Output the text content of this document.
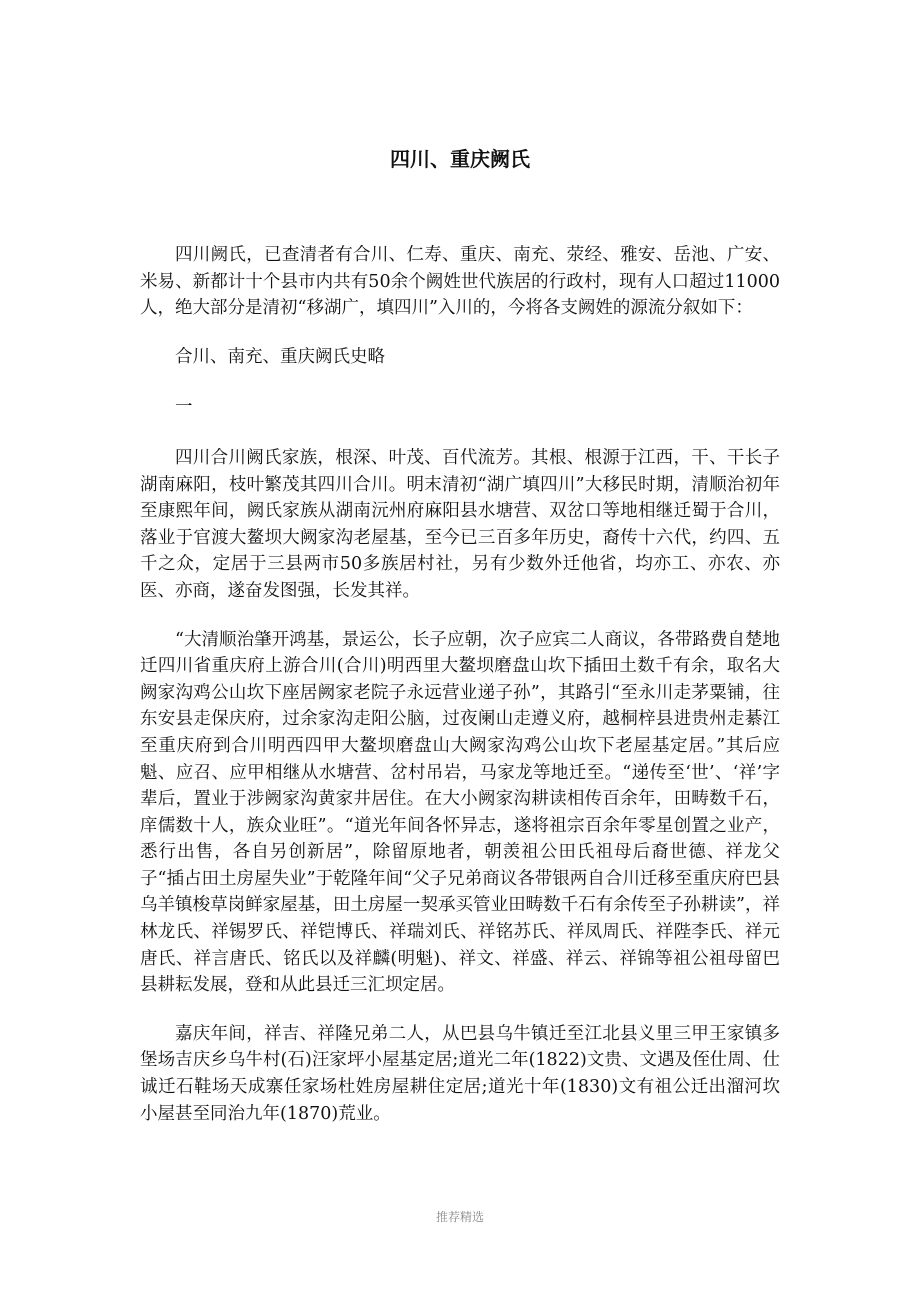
四川、重庆阙氏

四川阙氏，已查清者有合川、仁寿、重庆、南充、荥经、雅安、岳池、广安、米易、新都计十个县市内共有50余个阙姓世代族居的行政村，现有人口超过11000人，绝大部分是清初“移湖广，填四川”入川的，今将各支阙姓的源流分叙如下：

合川、南充、重庆阙氏史略

一

四川合川阙氏家族，根深、叶茂、百代流芳。其根、根源于江西，干、干长子湖南麻阳，枝叶繁茂其四川合川。明末清初“湖广填四川”大移民时期，清顺治初年至康熙年间，阙氏家族从湖南沅州府麻阳县水塘营、双岔口等地相继迁蜀于合川，落业于官渡大鳌坝大阙家沟老屋基，至今已三百多年历史，裔传十六代，约四、五千之众，定居于三县两市50多族居村社，另有少数外迁他省，均亦工、亦农、亦医、亦商，遂奋发图强，长发其祥。

“大清顺治肇开鸿基，景运公，长子应朝，次子应宾二人商议，各带路费自楚地迁四川省重庆府上游合川(合川)明西里大鳌坝磨盘山坎下插田土数千有余，取名大阙家沟鸡公山坎下座居阙家老院子永远营业递子孙”，其路引“至永川走茅粟铺，往东安县走保庆府，过余家沟走阳公脑，过夜阑山走遵义府，越桐梓县进贵州走綦江至重庆府到合川明西四甲大鳌坝磨盘山大阙家沟鸡公山坎下老屋基定居。”其后应魁、应召、应甲相继从水塘营、岔村吊岩，马家龙等地迁至。“递传至‘世’、‘祥’字辈后，置业于涉阙家沟黄家井居住。在大小阙家沟耕读相传百余年，田畴数千石，庠儒数十人，族众业旺”。“道光年间各怀异志，遂将祖宗百余年零星创置之业产，悉行出售，各自另创新居”，除留原地者，朝羡祖公田氏祖母后裔世德、祥龙父子“插占田土房屋失业”于乾隆年间“父子兄弟商议各带银两自合川迁移至重庆府巴县乌羊镇梭草岗鲜家屋基，田土房屋一契承买管业田畴数千石有余传至子孙耕读”，祥林龙氏、祥锡罗氏、祥铠博氏、祥瑞刘氏、祥铭苏氏、祥凤周氏、祥陛李氏、祥元唐氏、祥言唐氏、铭氏以及祥麟(明魁)、祥文、祥盛、祥云、祥锦等祖公祖母留巴县耕耘发展，登和从此县迁三汇坝定居。

嘉庆年间，祥吉、祥隆兄弟二人，从巴县乌牛镇迁至江北县义里三甲王家镇多堡场吉庆乡乌牛村(石)汪家坪小屋基定居;道光二年(1822)文贵、文遇及侄仕周、仕诚迁石鞋场天成寨任家场杜姓房屋耕住定居;道光十年(1830)文有祖公迁出溜河坎小屋甚至同治九年(1870)荒业。

推荐精选
